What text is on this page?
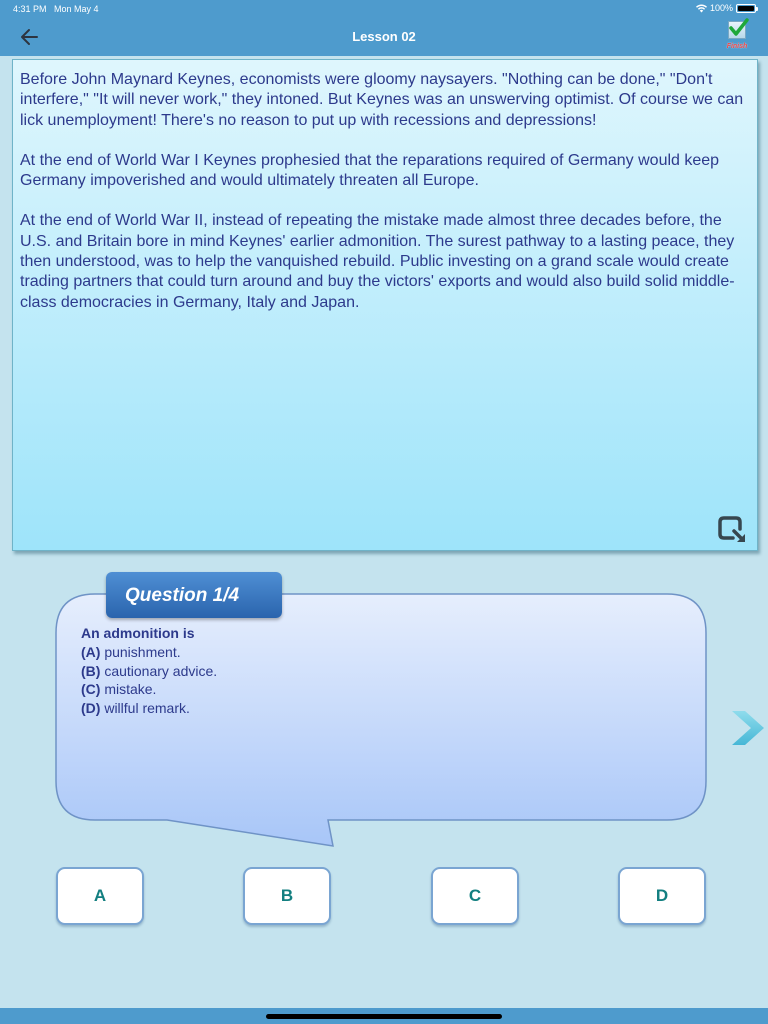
4:31 PM Mon May 4	100%
Lesson 02
Finish

Before John Maynard Keynes, economists were gloomy naysayers. "Nothing can be done," "Don't interfere," "It will never work," they intoned. But Keynes was an unswerving optimist. Of course we can lick unemployment! There's no reason to put up with recessions and depressions!

At the end of World War I Keynes prophesied that the reparations required of Germany would keep Germany impoverished and would ultimately threaten all Europe.

At the end of World War II, instead of repeating the mistake made almost three decades before, the U.S. and Britain bore in mind Keynes' earlier admonition. The surest pathway to a lasting peace, they then understood, was to help the vanquished rebuild. Public investing on a grand scale would create trading partners that could turn around and buy the victors' exports and would also build solid middle-class democracies in Germany, Italy and Japan.

Question 1/4
An admonition is
(A) punishment.
(B) cautionary advice.
(C) mistake.
(D) willful remark.
A	B	C	D
